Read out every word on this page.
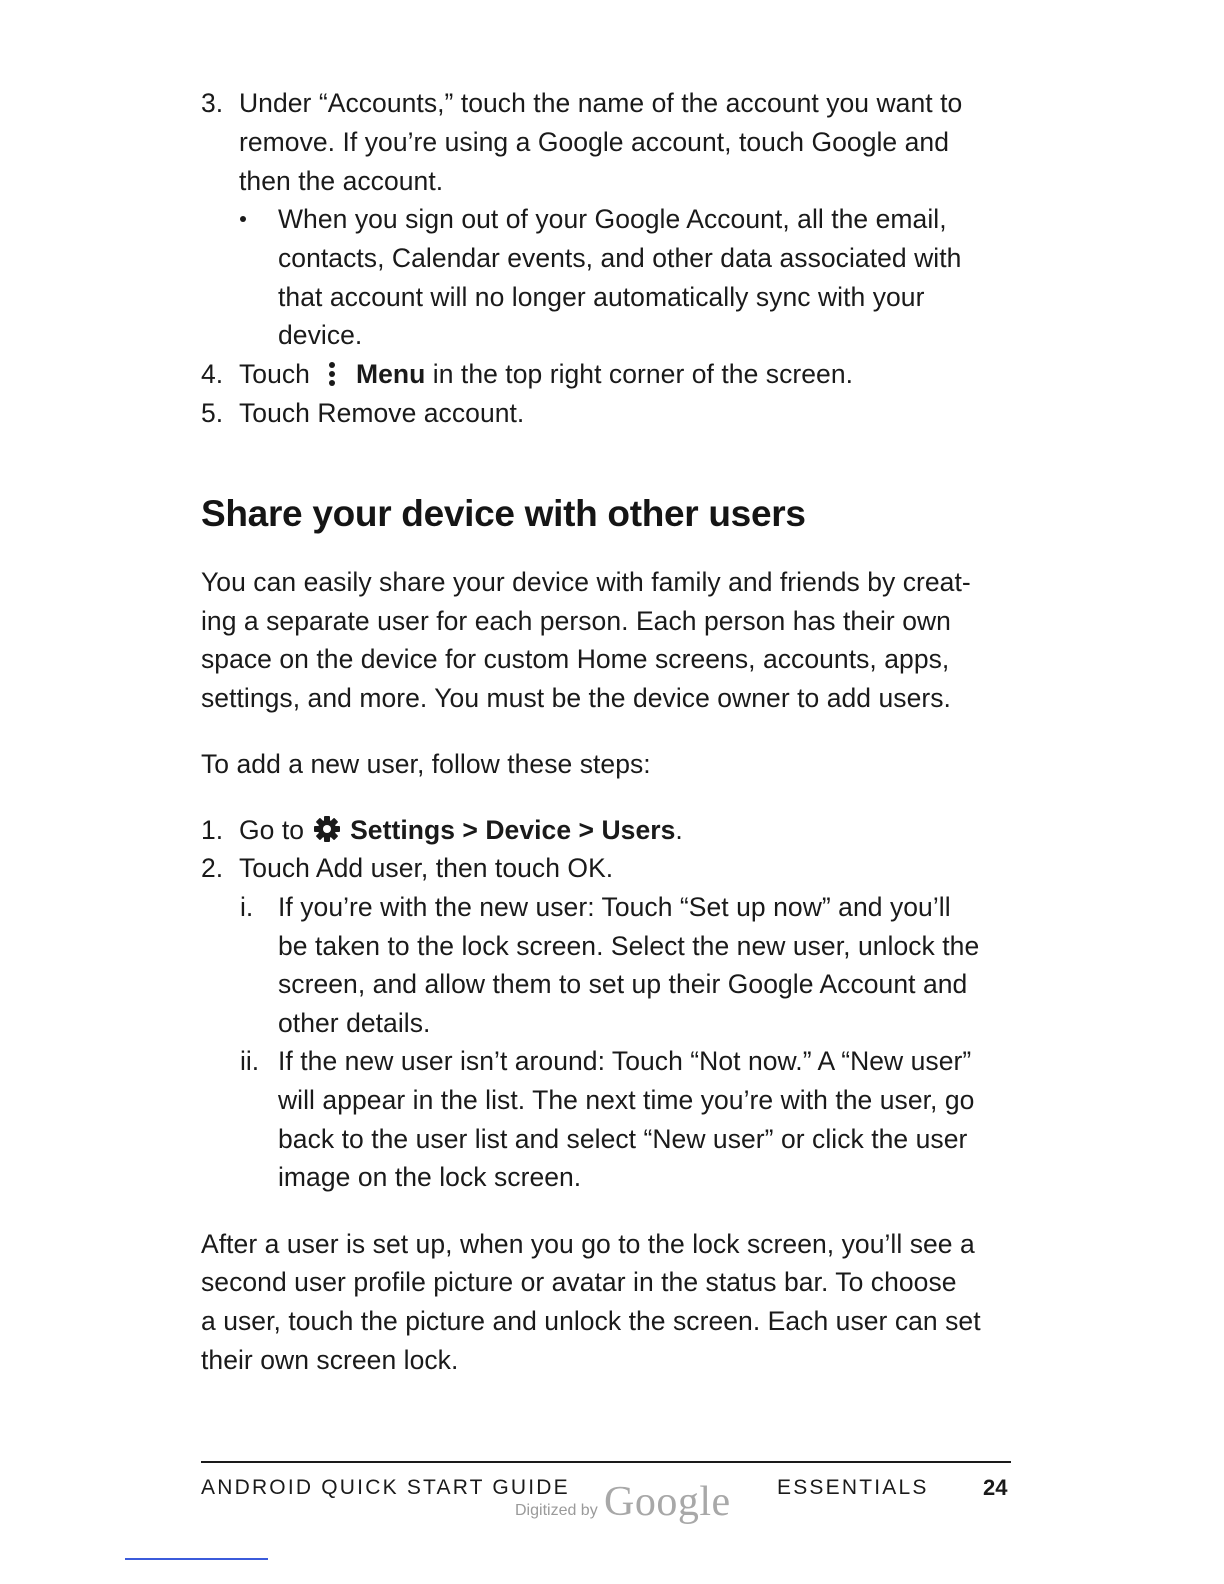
3. Under “Accounts,” touch the name of the account you want to
remove. If you’re using a Google account, touch Google and
then the account.
When you sign out of your Google Account, all the email,
contacts, Calendar events, and other data associated with
that account will no longer automatically sync with your
device.
4. Touch Menu in the top right corner of the screen.
5. Touch Remove account.
Share your device with other users
You can easily share your device with family and friends by creat-
ing a separate user for each person. Each person has their own
space on the device for custom Home screens, accounts, apps,
settings, and more. You must be the device owner to add users.
To add a new user, follow these steps:
1. Go to Settings > Device > Users.
2. Touch Add user, then touch OK.
i. If you’re with the new user: Touch “Set up now” and you’ll
be taken to the lock screen. Select the new user, unlock the
screen, and allow them to set up their Google Account and
other details.
ii. If the new user isn’t around: Touch “Not now.” A “New user”
will appear in the list. The next time you’re with the user, go
back to the user list and select “New user” or click the user
image on the lock screen.
After a user is set up, when you go to the lock screen, you’ll see a
second user profile picture or avatar in the status bar. To choose
a user, touch the picture and unlock the screen. Each user can set
their own screen lock.
ANDROID QUICK START GUIDE	ESSENTIALS 24
Digitized by Google
